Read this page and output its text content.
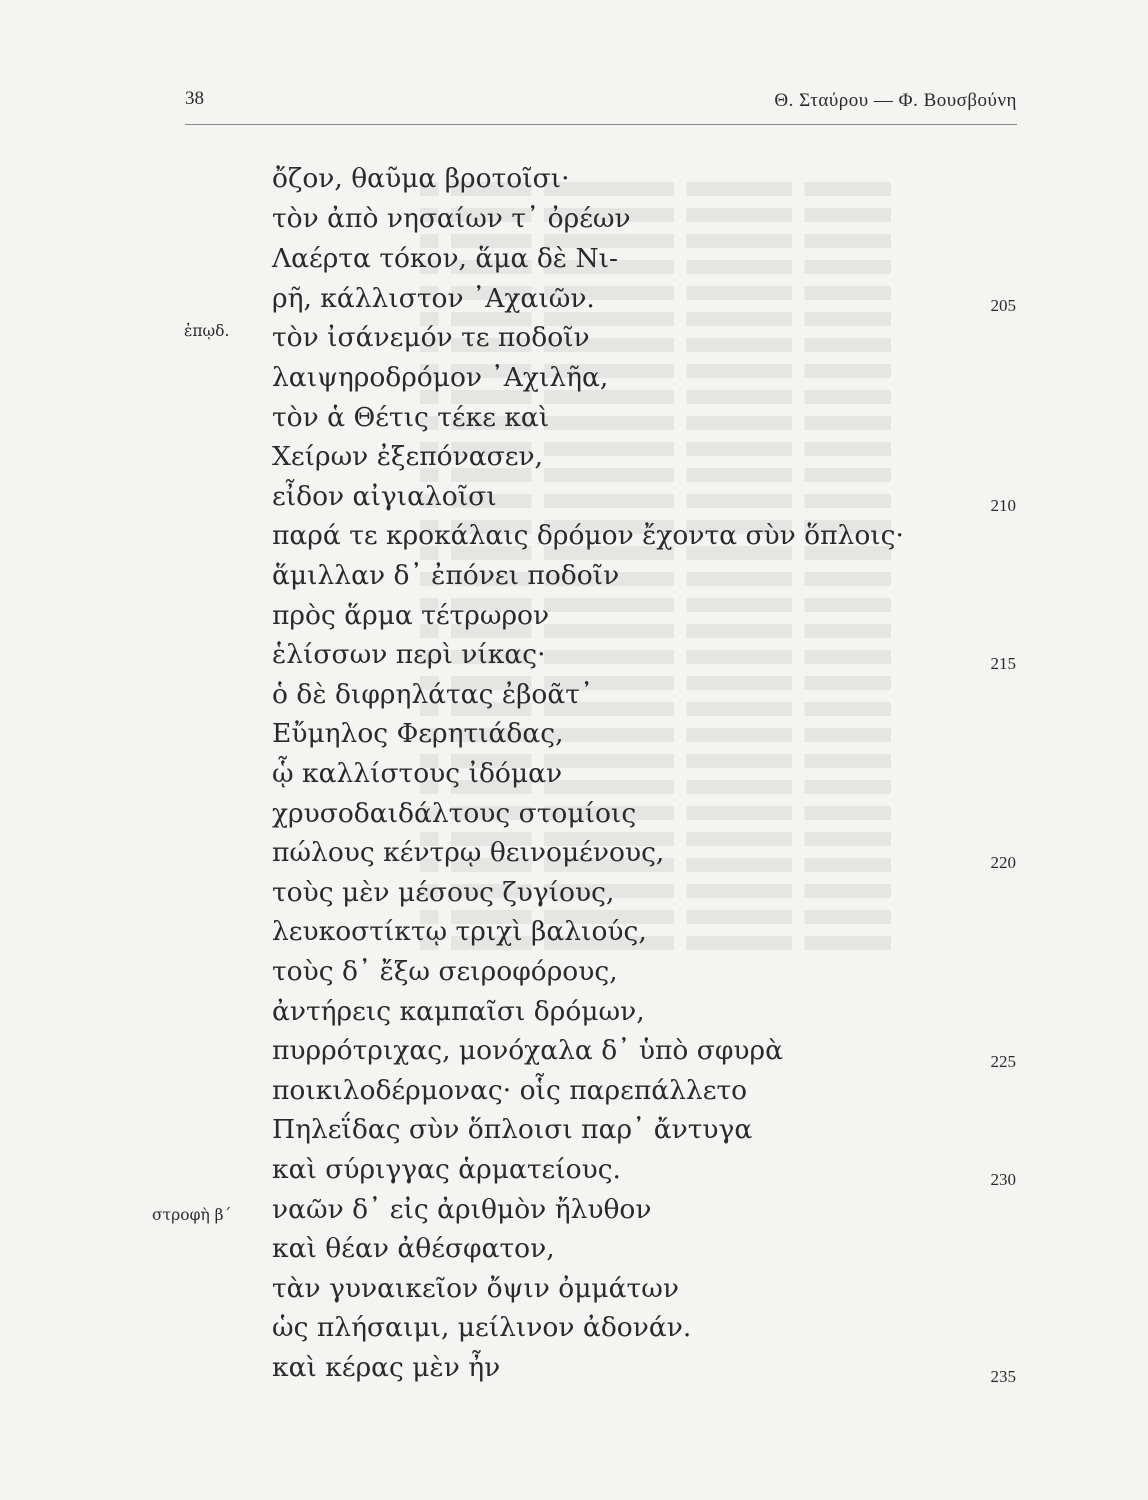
38	Θ. Σταύρου — Φ. Βουσβούνη
ἐπῳδ.
στροφὴ β΄
ὄζον, θαῦμα βροτοῖσι·
τὸν ἀπὸ νησαίων τ᾽ ὀρέων
Λαέρτα τόκον, ἅμα δὲ Νι-
ρῆ, κάλλιστον ᾽Αχαιῶν.
τὸν ἰσάνεμόν τε ποδοῖν
λαιψηροδρόμον ᾽Αχιλῆα,
τὸν ἁ Θέτις τέκε καὶ
Χείρων ἐξεπόνασεν,
εἶδον αἰγιαλοῖσι
παρά τε κροκάλαις δρόμον ἔχοντα σὺν ὅπλοις·
ἅμιλλαν δ᾽ ἐπόνει ποδοῖν
πρὸς ἅρμα τέτρωρον
ἑλίσσων περὶ νίκας·
ὁ δὲ διφρηλάτας ἐβοᾶτ᾽
Εὔμηλος Φερητιάδας,
ᾧ καλλίστους ἰδόμαν
χρυσοδαιδάλτους στομίοις
πώλους κέντρῳ θεινομένους,
τοὺς μὲν μέσους ζυγίους,
λευκοστίκτῳ τριχὶ βαλιούς,
τοὺς δ᾽ ἔξω σειροφόρους,
ἀντήρεις καμπαῖσι δρόμων,
πυρρότριχας, μονόχαλα δ᾽ ὑπὸ σφυρὰ
ποικιλοδέρμονας· οἷς παρεπάλλετο
Πηλεΐδας σὺν ὅπλοισι παρ᾽ ἄντυγα
καὶ σύριγγας ἁρματείους.
ναῶν δ᾽ εἰς ἀριθμὸν ἤλυθον
καὶ θέαν ἀθέσφατον,
τὰν γυναικεῖον ὄψιν ὀμμάτων
ὡς πλήσαιμι, μείλινον ἀδονάν.
καὶ κέρας μὲν ἦν
205
210
215
220
225
230
235
